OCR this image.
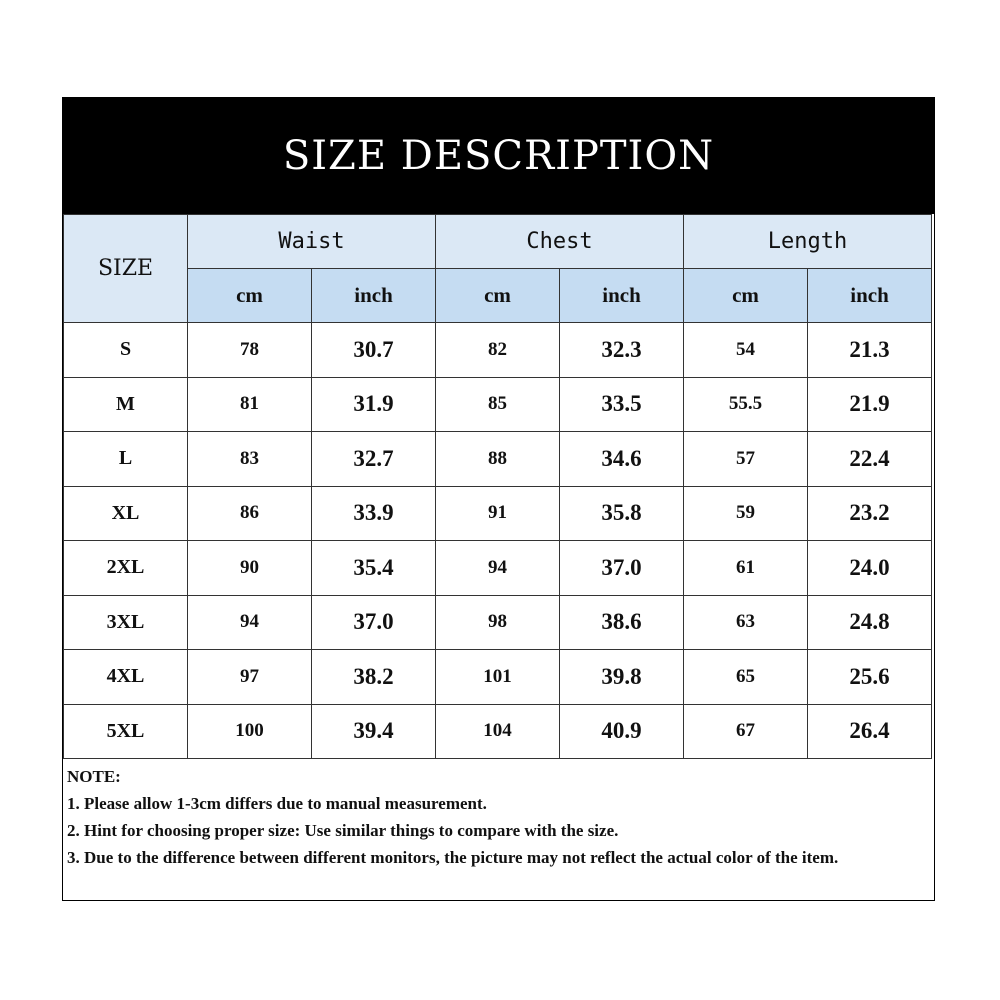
SIZE DESCRIPTION
SIZE	Waist		Chest		Length	
	cm	inch	cm	inch	cm	inch
S	78	30.7	82	32.3	54	21.3
M	81	31.9	85	33.5	55.5	21.9
L	83	32.7	88	34.6	57	22.4
XL	86	33.9	91	35.8	59	23.2
2XL	90	35.4	94	37.0	61	24.0
3XL	94	37.0	98	38.6	63	24.8
4XL	97	38.2	101	39.8	65	25.6
5XL	100	39.4	104	40.9	67	26.4
NOTE:
1. Please allow 1-3cm differs due to manual measurement.
2. Hint for choosing proper size: Use similar things to compare with the size.
3. Due to the difference between different monitors, the picture may not reflect the actual color of the item.
